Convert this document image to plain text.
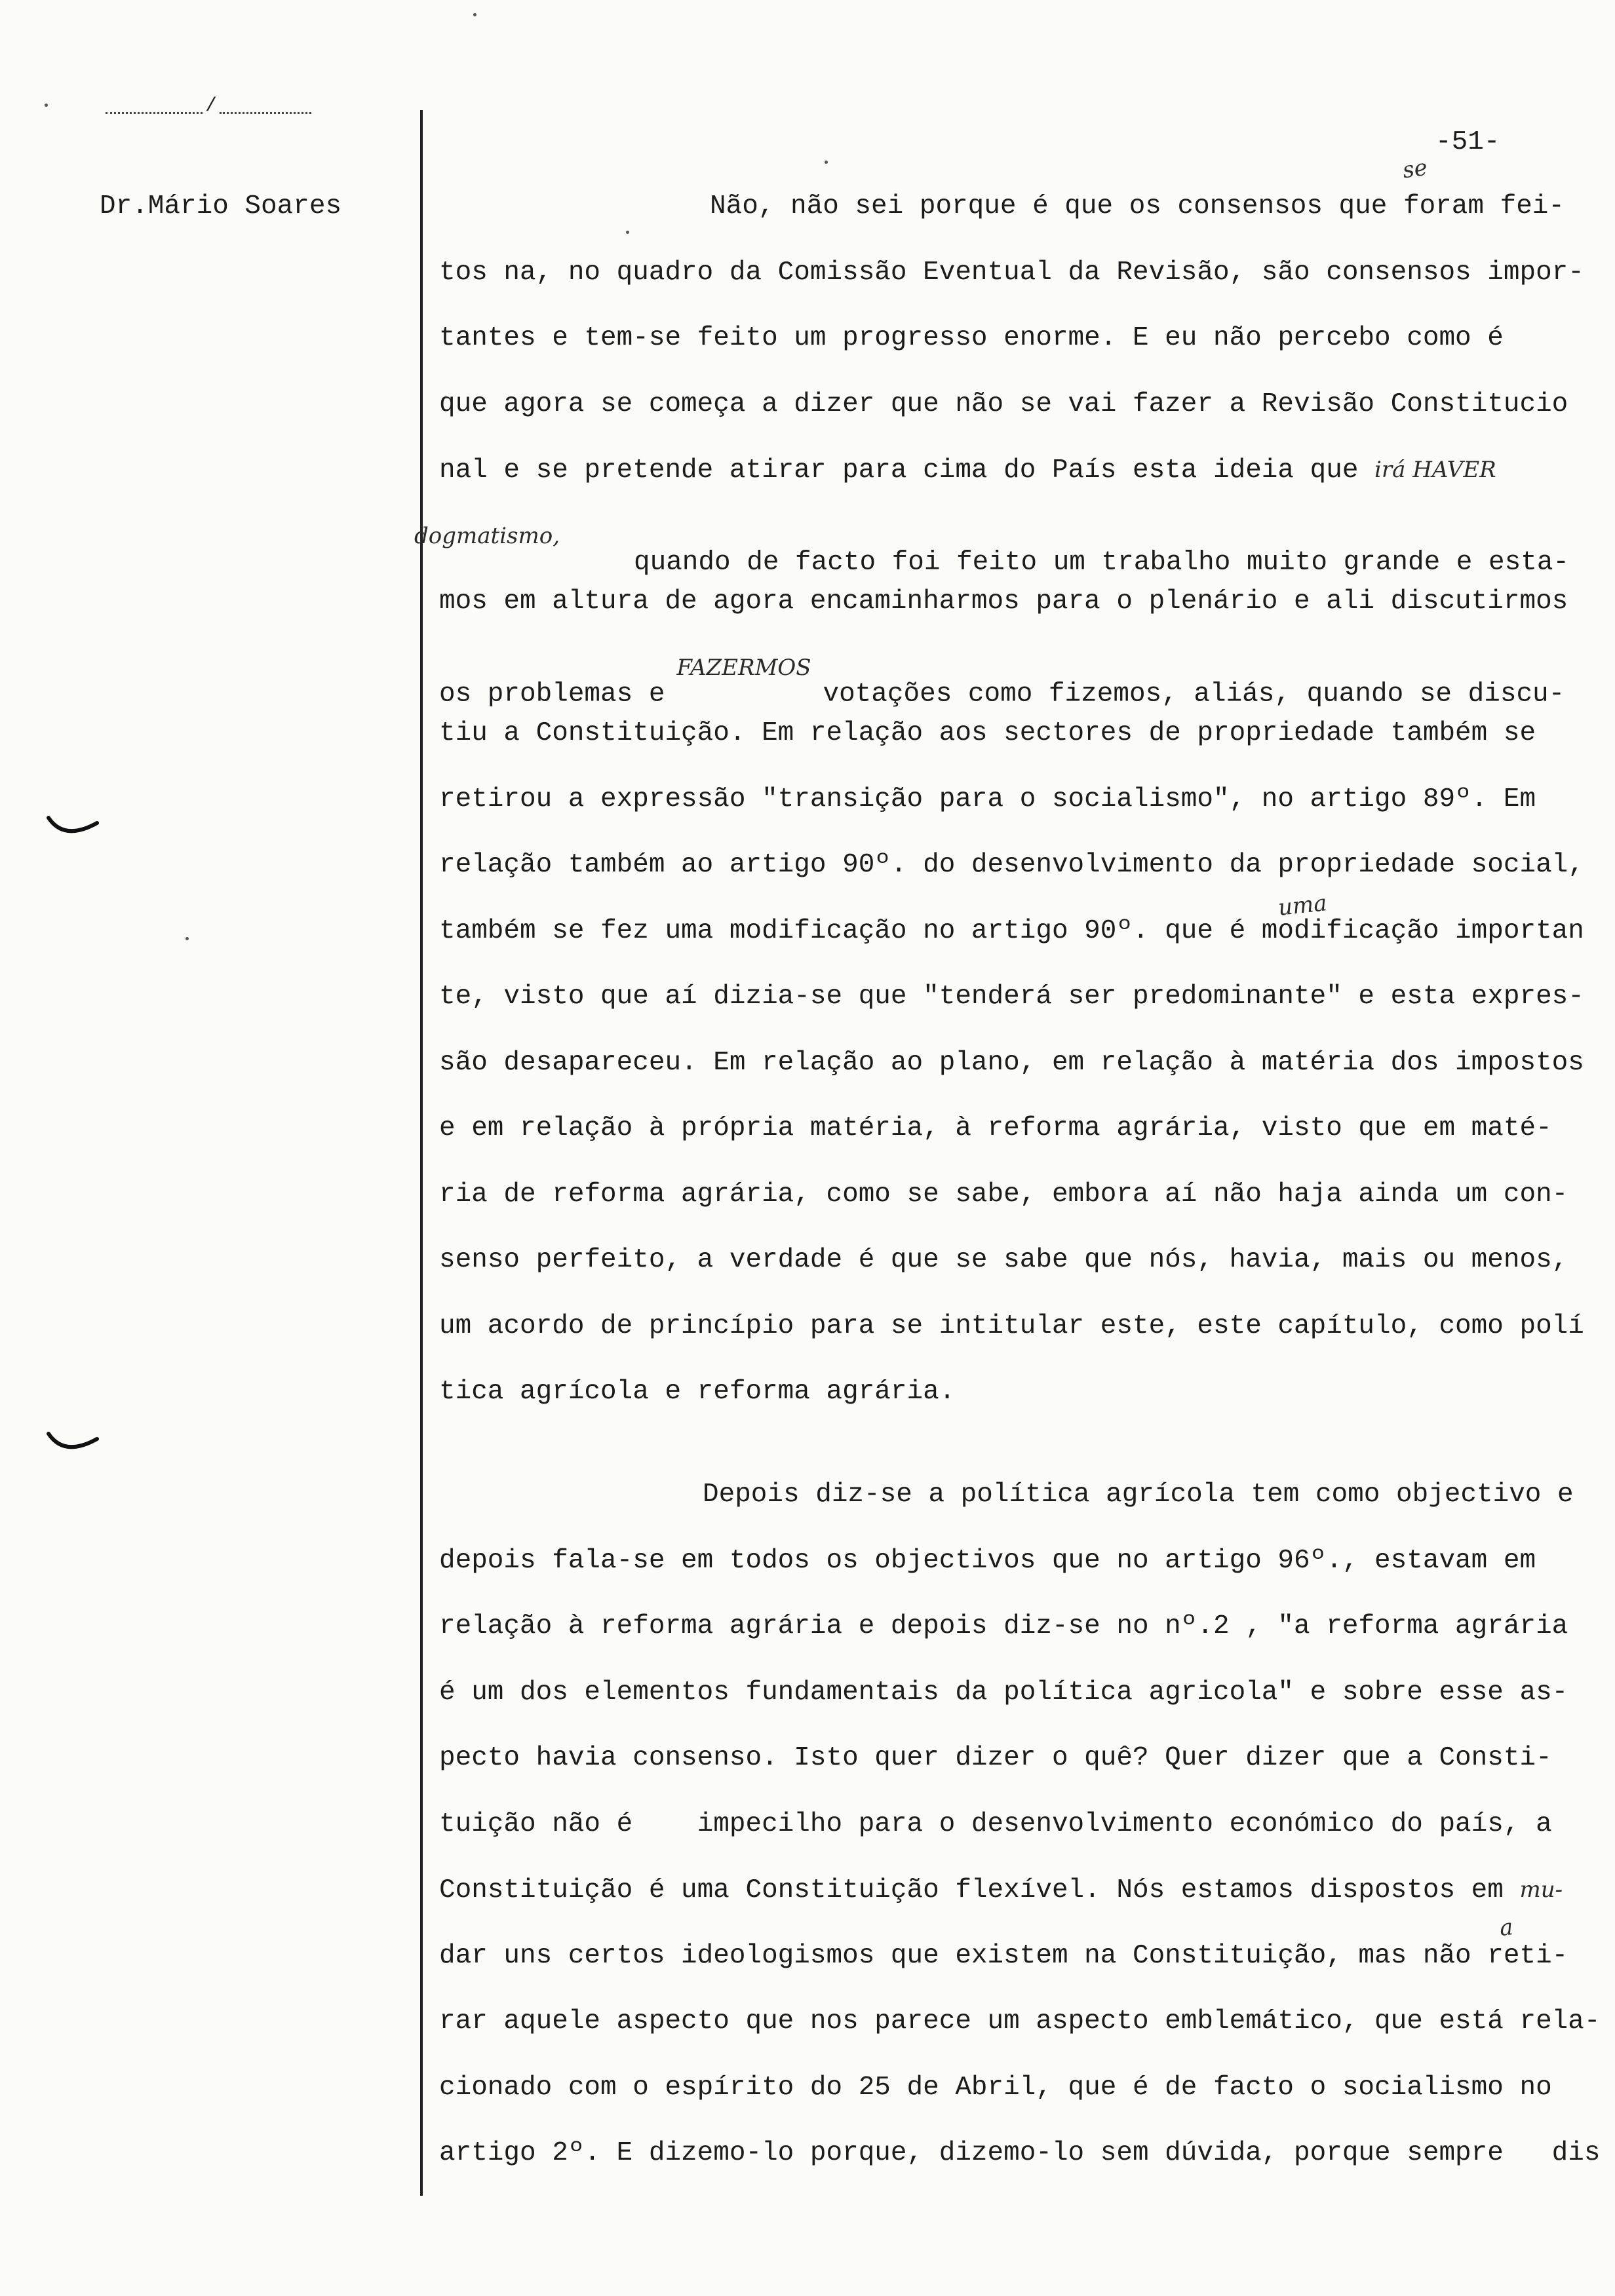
/
Dr.Mário Soares
-51-
Não, não sei porque é que os consensos que foram fei-
tos na, no quadro da Comissão Eventual da Revisão, são consensos impor-
tantes e tem-se feito um progresso enorme. E eu não percebo como é
que agora se começa a dizer que não se vai fazer a Revisão Constitucio
nal e se pretende atirar para cima do País esta ideia que irá HAVER
dogmatismo,quando de facto foi feito um trabalho muito grande e esta-
mos em altura de agora encaminharmos para o plenário e ali discutirmos
os problemas eFAZERMOSvotações como fizemos, aliás, quando se discu-
tiu a Constituição. Em relação aos sectores de propriedade também se
retirou a expressão "transição para o socialismo", no artigo 89º. Em
relação também ao artigo 90º. do desenvolvimento da propriedade social,
também se fez uma modificação no artigo 90º. que é modificação importan
te, visto que aí dizia-se que "tenderá ser predominante" e esta expres-
são desapareceu. Em relação ao plano, em relação à matéria dos impostos
e em relação à própria matéria, à reforma agrária, visto que em maté-
ria de reforma agrária, como se sabe, embora aí não haja ainda um con-
senso perfeito, a verdade é que se sabe que nós, havia, mais ou menos,
um acordo de princípio para se intitular este, este capítulo, como polí
tica agrícola e reforma agrária.
Depois diz-se a política agrícola tem como objectivo e
depois fala-se em todos os objectivos que no artigo 96º., estavam em
relação à reforma agrária e depois diz-se no nº.2 , "a reforma agrária
é um dos elementos fundamentais da política agricola" e sobre esse as-
pecto havia consenso. Isto quer dizer o quê? Quer dizer que a Consti-
tuição não é    impecilho para o desenvolvimento económico do país, a
Constituição é uma Constituição flexível. Nós estamos dispostos em mu-
dar uns certos ideologismos que existem na Constituição, mas não reti-
rar aquele aspecto que nos parece um aspecto emblemático, que está rela-
cionado com o espírito do 25 de Abril, que é de facto o socialismo no
artigo 2º. E dizemo-lo porque, dizemo-lo sem dúvida, porque sempre   dis
se
uma
a
